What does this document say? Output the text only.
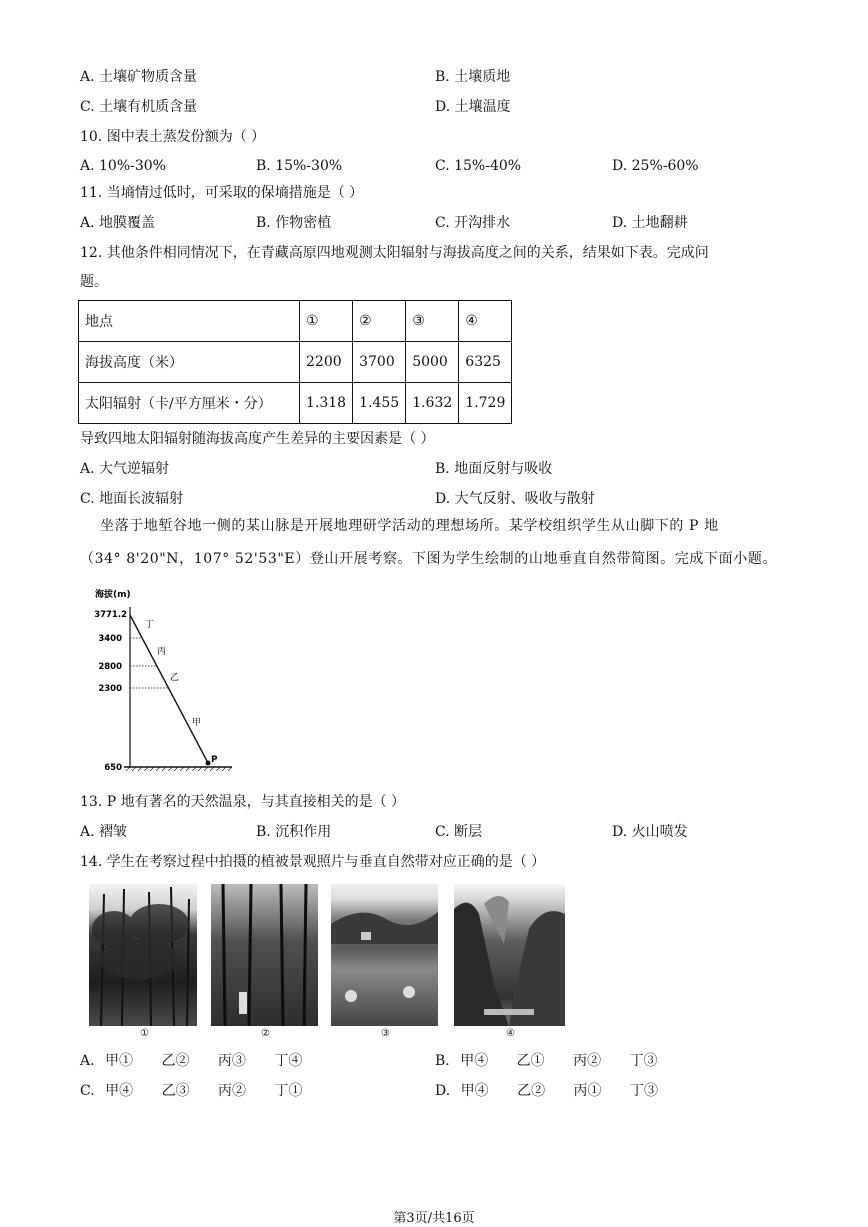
A. 土壤矿物质含量	B. 土壤质地
C. 土壤有机质含量	D. 土壤温度
10. 图中表土蒸发份额为（ ）
A. 10%-30%	B. 15%-30%	C. 15%-40%	D. 25%-60%
11. 当墒情过低时，可采取的保墒措施是（ ）
A. 地膜覆盖	B. 作物密植	C. 开沟排水	D. 土地翻耕
12. 其他条件相同情况下，在青藏高原四地观测太阳辐射与海拔高度之间的关系，结果如下表。完成问
题。
地点	①	②	③	④
海拔高度（米）	2200	3700	5000	6325
太阳辐射（卡/平方厘米・分）	1.318	1.455	1.632	1.729
导致四地太阳辐射随海拔高度产生差异的主要因素是（ ）
A. 大气逆辐射	B. 地面反射与吸收
C. 地面长波辐射	D. 大气反射、吸收与散射
坐落于地堑谷地一侧的某山脉是开展地理研学活动的理想场所。某学校组织学生从山脚下的 P 地
（34° 8'20"N，107° 52'53"E）登山开展考察。下图为学生绘制的山地垂直自然带简图。完成下面小题。
海拔(m)
3771.2
3400
2800
2300
650
丁
丙
乙
甲
P
13. P 地有著名的天然温泉，与其直接相关的是（ ）
A. 褶皱	B. 沉积作用	C. 断层	D. 火山喷发
14. 学生在考察过程中拍摄的植被景观照片与垂直自然带对应正确的是（ ）
①	②	③	④
A. 甲① 乙② 丙③ 丁④	B. 甲④ 乙① 丙② 丁③
C. 甲④ 乙③ 丙② 丁①	D. 甲④ 乙② 丙① 丁③
第3页/共16页
